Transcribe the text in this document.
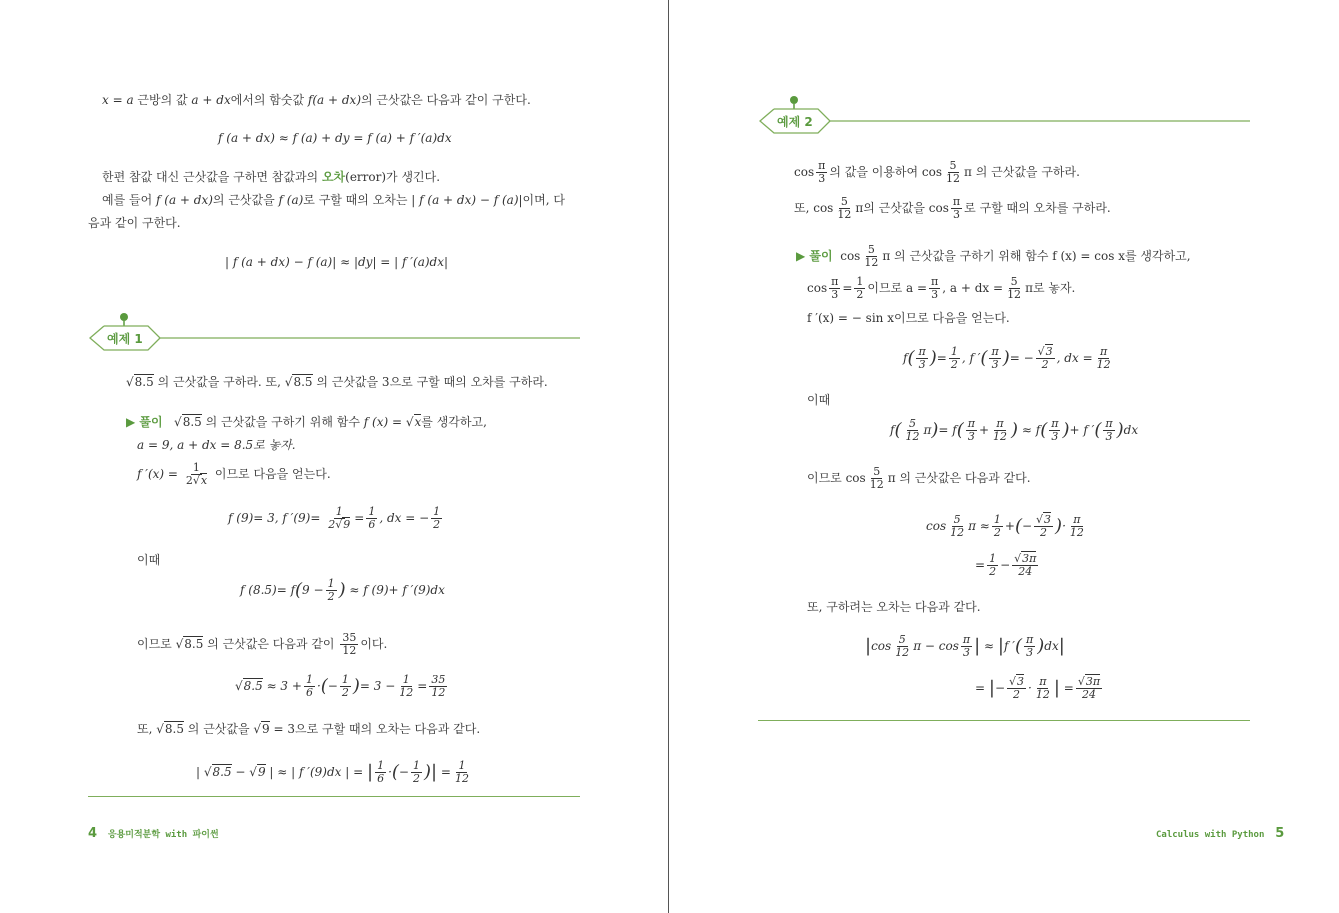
x = a 근방의 값 a + dx에서의 함숫값 f(a + dx)의 근삿값은 다음과 같이 구한다.
f (a + dx) ≈ f (a) + dy = f (a) + f ′(a)dx
한편 참값 대신 근삿값을 구하면 참값과의 오차(error)가 생긴다.
예를 들어 f (a + dx)의 근삿값을 f (a)로 구할 때의 오차는 | f (a + dx) − f (a)|이며, 다
음과 같이 구한다.
| f (a + dx) − f (a)| ≈ |dy| = | f ′(a)dx|
예제 1
√8.5 의 근삿값을 구하라. 또, √8.5 의 근삿값을 3으로 구할 때의 오차를 구하라.
▶ 풀이   √8.5 의 근삿값을 구하기 위해 함수 f (x) = √x를 생각하고,
a = 9, a + dx = 8.5로 놓자.
f $'(x) = \frac{1}{2√x}$ 이므로 다음을 얻는다.
f (9)= 3, f $'(9)= \frac{1}{2√9} = \frac{1}{6}$ , dx = − $\frac{1}{2}$
이때
f $(8.5)= f(9 - \frac{1}{2}$ ) ≈ f (9)+ f ′(9)dx
이므로 √8.5 의 근삿값은 다음과 같이 $\frac{35}{12}$ 이다.
$√8.5 \approx 3 + \frac{1}{6}$ ·(− $\frac{1}{2}$ )= $3 - \frac{1}{12} = \frac{35}{12}$
또, √8.5 의 근삿값을 √9 = 3으로 구할 때의 오차는 다음과 같다.
| √8.5 − √9 | ≈ | f ′(9)dx | = | $\frac{1}{6}$ ·(− $\frac{1}{2}$ )| = $\frac{1}{12}$
4 응용미적분학 with 파이썬
예제 2
$\cos \frac{\pi}{3}$ 의 값을 이용하여 $\cos \frac{5}{12}$ π 의 근삿값을 구하라.
또, $\cos \frac{5}{12}$ π의 근삿값을 $\cos \frac{\pi}{3}$ 로 구할 때의 오차를 구하라.
▶ 풀이 $\cos \frac{5}{12}$ π 의 근삿값을 구하기 위해 함수 f (x) = cos x를 생각하고,
$\cos \frac{\pi}{3} = \frac{1}{2}$ 이므로 $a = \frac{\pi}{3}$ , a + dx = $\frac{5}{12}$ π로 놓자.
f ′(x) = − sin x이므로 다음을 얻는다.
$f( \frac{\pi}{3}$ )= $\frac{1}{2}$ , f ′( $\frac{\pi}{3}$ )= − $\frac{√3}{2}$ , dx = $\frac{\pi}{12}$
이때
$f( \frac{5}{12} \pi)= f( \frac{\pi}{3} + \frac{\pi}{12}$ ) ≈ $f( \frac{\pi}{3}$ )+ f ′( $\frac{\pi}{3} )dx$
이므로 $\cos \frac{5}{12}$ π 의 근삿값은 다음과 같다.
$\cos \frac{5}{12}$ $\pi \approx \frac{1}{2}$ +(− $\frac{√3}{2}$ )· $\frac{\pi}{12}$
= $\frac{1}{2} - \frac{√3\pi}{24}$
또, 구하려는 오차는 다음과 같다.
$|\cos \frac{5}{12}$ $\pi - \cos \frac{\pi}{3}$ | ≈ |f ′( $\frac{\pi}{3} )dx|$
= |− $\frac{√3}{2} \cdot \frac{\pi}{12}$ | = $\frac{√3\pi}{24}$
Calculus with Python 5
